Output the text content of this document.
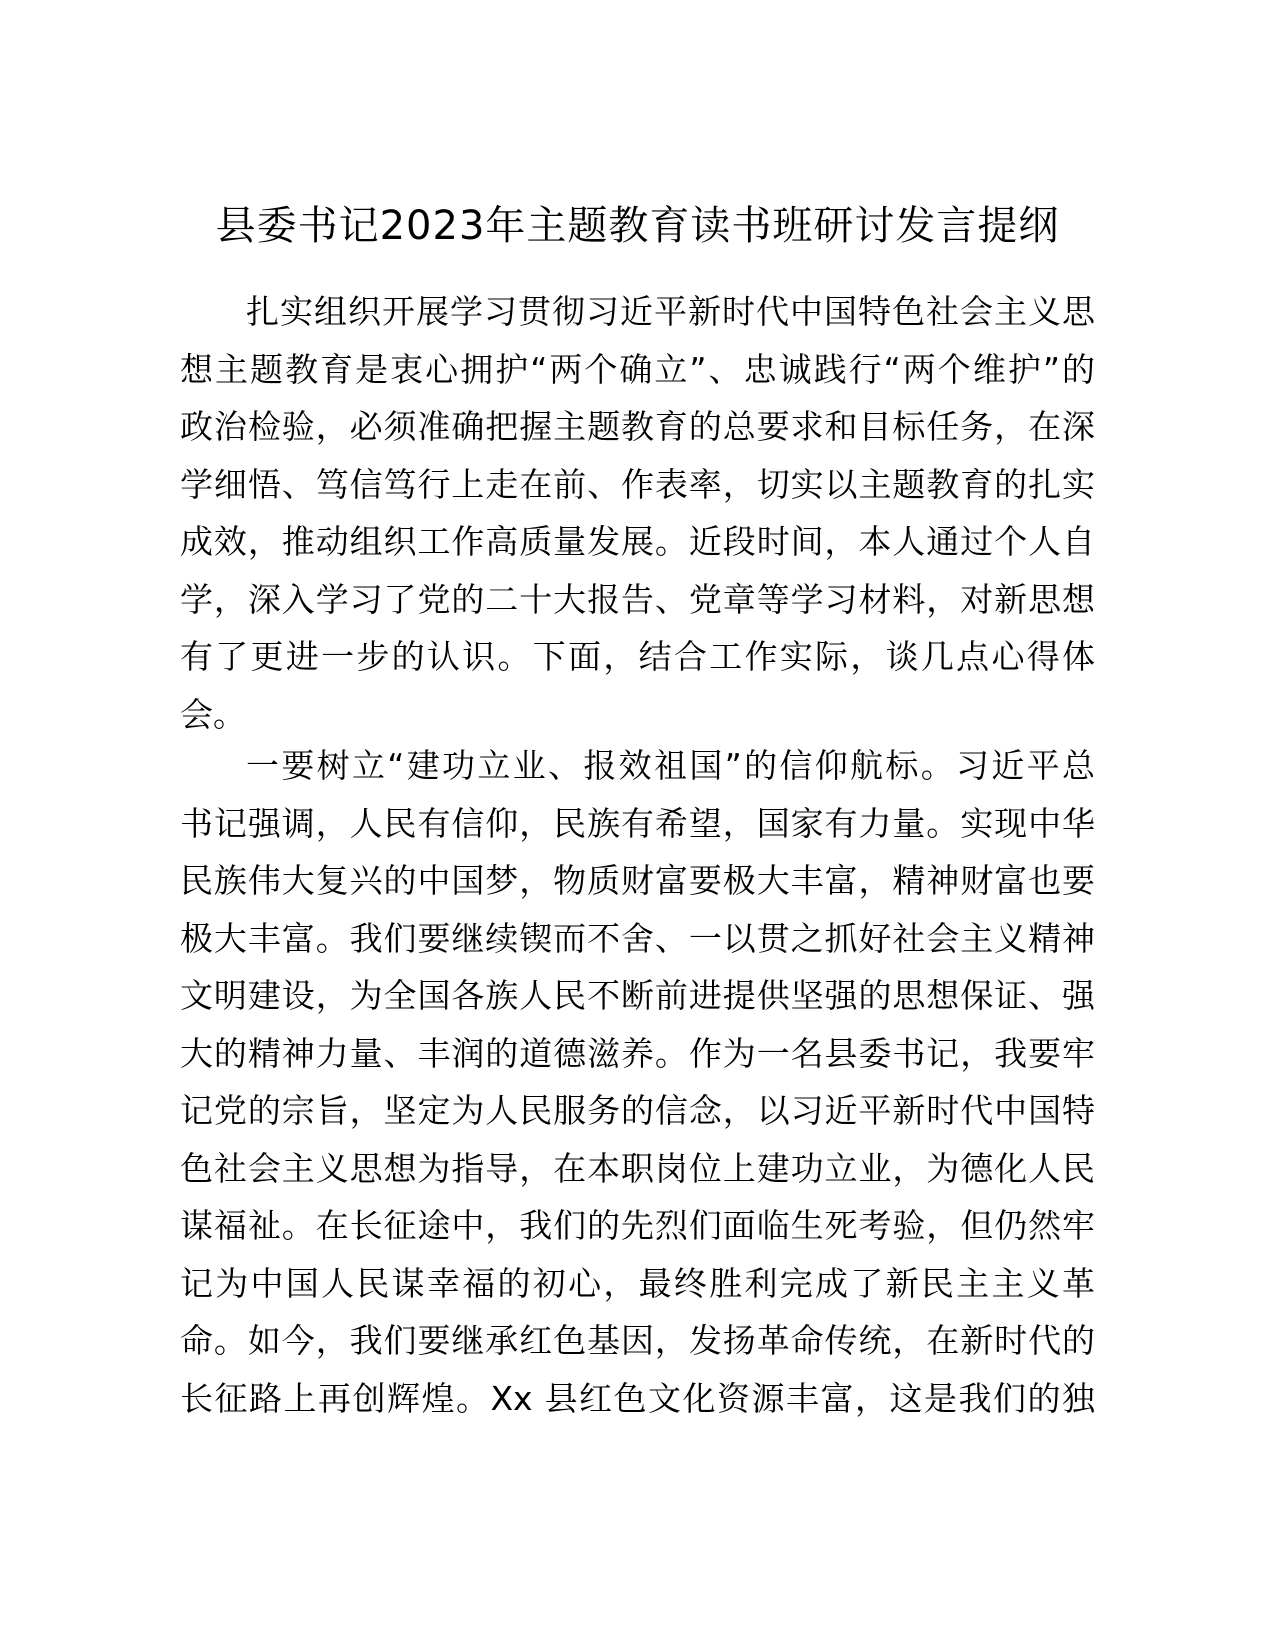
县委书记2023年主题教育读书班研讨发言提纲
扎实组织开展学习贯彻习近平新时代中国特色社会主义思
想主题教育是衷心拥护“两个确立”、忠诚践行“两个维护”的
政治检验，必须准确把握主题教育的总要求和目标任务，在深
学细悟、笃信笃行上走在前、作表率，切实以主题教育的扎实
成效，推动组织工作高质量发展。近段时间，本人通过个人自
学，深入学习了党的二十大报告、党章等学习材料，对新思想
有了更进一步的认识。下面，结合工作实际，谈几点心得体
会。
一要树立“建功立业、报效祖国”的信仰航标。习近平总
书记强调，人民有信仰，民族有希望，国家有力量。实现中华
民族伟大复兴的中国梦，物质财富要极大丰富，精神财富也要
极大丰富。我们要继续锲而不舍、一以贯之抓好社会主义精神
文明建设，为全国各族人民不断前进提供坚强的思想保证、强
大的精神力量、丰润的道德滋养。作为一名县委书记，我要牢
记党的宗旨，坚定为人民服务的信念，以习近平新时代中国特
色社会主义思想为指导，在本职岗位上建功立业，为德化人民
谋福祉。在长征途中，我们的先烈们面临生死考验，但仍然牢
记为中国人民谋幸福的初心，最终胜利完成了新民主主义革
命。如今，我们要继承红色基因，发扬革命传统，在新时代的
长征路上再创辉煌。Xx 县红色文化资源丰富，这是我们的独
